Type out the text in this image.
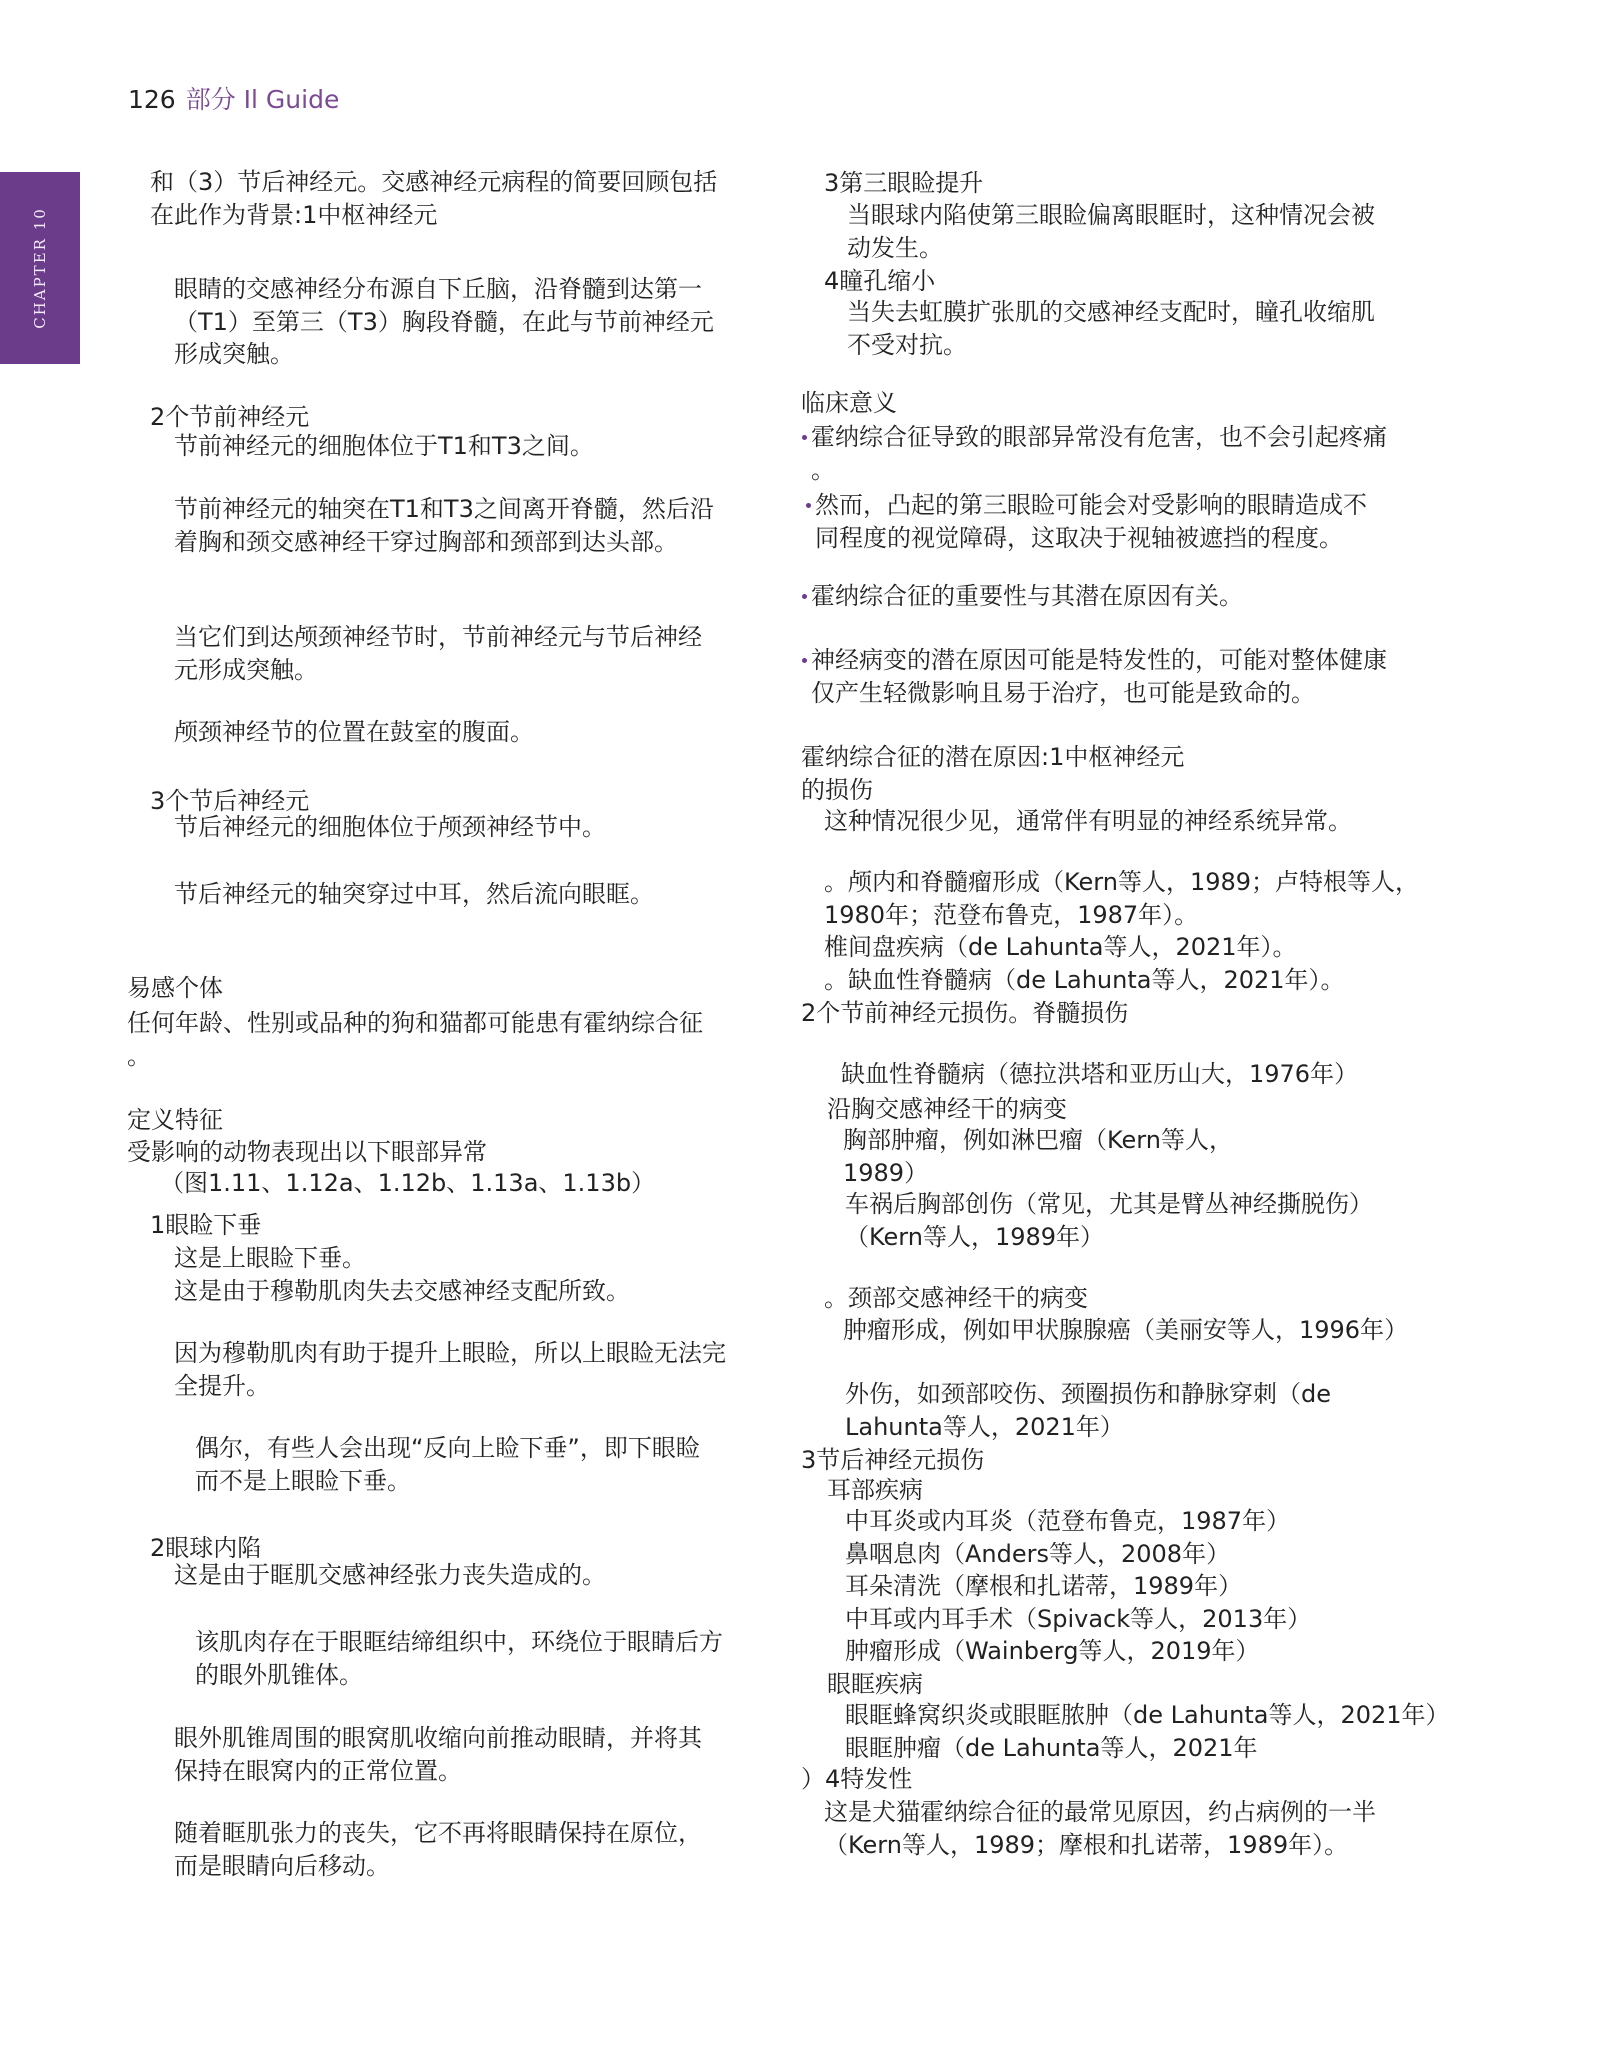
126 部分 Il Guide
CHAPTER 10
和（3）节后神经元。交感神经元病程的简要回顾包括
在此作为背景:1中枢神经元
眼睛的交感神经分布源自下丘脑，沿脊髓到达第一
（T1）至第三（T3）胸段脊髓，在此与节前神经元
形成突触。
2个节前神经元
节前神经元的细胞体位于T1和T3之间。
节前神经元的轴突在T1和T3之间离开脊髓，然后沿
着胸和颈交感神经干穿过胸部和颈部到达头部。
当它们到达颅颈神经节时，节前神经元与节后神经
元形成突触。
颅颈神经节的位置在鼓室的腹面。
3个节后神经元
节后神经元的细胞体位于颅颈神经节中。
节后神经元的轴突穿过中耳，然后流向眼眶。
易感个体
任何年龄、性别或品种的狗和猫都可能患有霍纳综合征
。
定义特征
受影响的动物表现出以下眼部异常
（图1.11、1.12a、1.12b、1.13a、1.13b）
1眼睑下垂
这是上眼睑下垂。
这是由于穆勒肌肉失去交感神经支配所致。
因为穆勒肌肉有助于提升上眼睑，所以上眼睑无法完
全提升。
偶尔，有些人会出现“反向上睑下垂”，即下眼睑
而不是上眼睑下垂。
2眼球内陷
这是由于眶肌交感神经张力丧失造成的。
该肌肉存在于眼眶结缔组织中，环绕位于眼睛后方
的眼外肌锥体。
眼外肌锥周围的眼窝肌收缩向前推动眼睛，并将其
保持在眼窝内的正常位置。
随着眶肌张力的丧失，它不再将眼睛保持在原位，
而是眼睛向后移动。
3第三眼睑提升
当眼球内陷使第三眼睑偏离眼眶时，这种情况会被
动发生。
4瞳孔缩小
当失去虹膜扩张肌的交感神经支配时，瞳孔收缩肌
不受对抗。
临床意义
霍纳综合征导致的眼部异常没有危害，也不会引起疼痛
。
然而，凸起的第三眼睑可能会对受影响的眼睛造成不
同程度的视觉障碍，这取决于视轴被遮挡的程度。
霍纳综合征的重要性与其潜在原因有关。
神经病变的潜在原因可能是特发性的，可能对整体健康
仅产生轻微影响且易于治疗，也可能是致命的。
霍纳综合征的潜在原因:1中枢神经元
的损伤
这种情况很少见，通常伴有明显的神经系统异常。
。颅内和脊髓瘤形成（Kern等人，1989；卢特根等人，
1980年；范登布鲁克，1987年）。
椎间盘疾病（de Lahunta等人，2021年）。
。缺血性脊髓病（de Lahunta等人，2021年）。
2个节前神经元损伤。脊髓损伤
缺血性脊髓病（德拉洪塔和亚历山大，1976年）
沿胸交感神经干的病变
胸部肿瘤，例如淋巴瘤（Kern等人，
1989）
车祸后胸部创伤（常见，尤其是臂丛神经撕脱伤）
（Kern等人，1989年）
。颈部交感神经干的病变
肿瘤形成，例如甲状腺腺癌（美丽安等人，1996年）
外伤，如颈部咬伤、颈圈损伤和静脉穿刺（de
Lahunta等人，2021年）
3节后神经元损伤
耳部疾病
中耳炎或内耳炎（范登布鲁克，1987年）
鼻咽息肉（Anders等人，2008年）
耳朵清洗（摩根和扎诺蒂，1989年）
中耳或内耳手术（Spivack等人，2013年）
肿瘤形成（Wainberg等人，2019年）
眼眶疾病
眼眶蜂窝织炎或眼眶脓肿（de Lahunta等人，2021年）
眼眶肿瘤（de Lahunta等人，2021年
）4特发性
这是犬猫霍纳综合征的最常见原因，约占病例的一半
（Kern等人，1989；摩根和扎诺蒂，1989年）。
